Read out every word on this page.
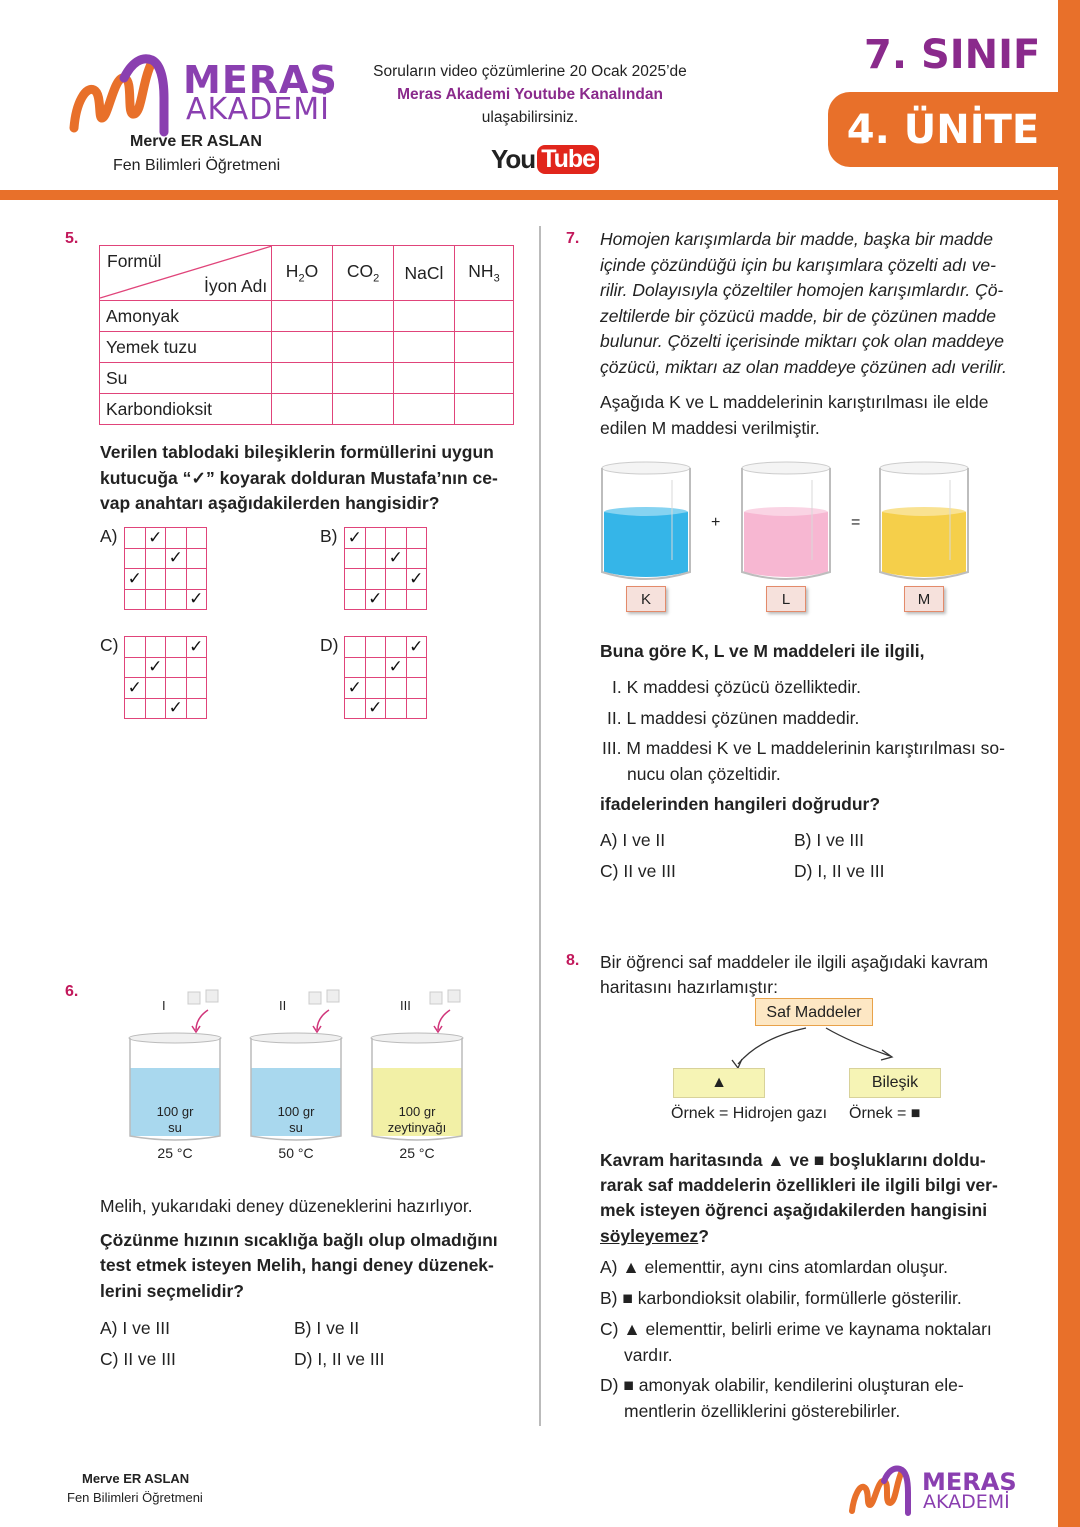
MERAS
AKADEMİ
Merve ER ASLAN
Fen Bilimleri Öğretmeni
Soruların video çözümlerine 20 Ocak 2025’de
Meras Akademi Youtube Kanalından
ulaşabilirsiniz.
You Tube
7. SINIF
4. ÜNİTE
5.
Formül
İyon Adı	$H_2O$	$CO_2$	NaCl	$NH_3$
Amonyak				
Yemek tuzu				
Su				
Karbondioksit				
Verilen tablodaki bileşiklerin formüllerini uygun
kutucuğa “✓” koyarak dolduran Mustafa’nın ce-
vap anahtarı aşağıdakilerden hangisidir?
A)	B)
C)	D)
	✓		
		✓	
✓			
			✓
✓			
		✓	
			✓
	✓		
			✓
	✓		
✓			
		✓	
			✓
		✓	
✓			
	✓		
6.
I
100 gr
su
25 °C
II
100 gr
su
50 °C
III
100 gr
zeytinyağı
25 °C
Melih, yukarıdaki deney düzeneklerini hazırlıyor.
Çözünme hızının sıcaklığa bağlı olup olmadığını
test etmek isteyen Melih, hangi deney düzenek-
lerini seçmelidir?
A) I ve III	B) I ve II
C) II ve III	D) I, II ve III
7. Homojen karışımlarda bir madde, başka bir madde
içinde çözündüğü için bu karışımlara çözelti adı ve-
rilir. Dolayısıyla çözeltiler homojen karışımlardır. Çö-
zeltilerde bir çözücü madde, bir de çözünen madde
bulunur. Çözelti içerisinde miktarı çok olan maddeye
çözücü, miktarı az olan maddeye çözünen adı verilir.
Aşağıda K ve L maddelerinin karıştırılması ile elde
edilen M maddesi verilmiştir.
K	L	M
+	=
Buna göre K, L ve M maddeleri ile ilgili,
I. K maddesi çözücü özelliktedir.
II. L maddesi çözünen maddedir.
III. M maddesi K ve L maddelerinin karıştırılması so-
nucu olan çözeltidir.
ifadelerinden hangileri doğrudur?
A) I ve II	B) I ve III
C) II ve III	D) I, II ve III
8. Bir öğrenci saf maddeler ile ilgili aşağıdaki kavram
haritasını hazırlamıştır:
Saf Maddeler
▲	Bileşik
Örnek = Hidrojen gazı Örnek = ■
Kavram haritasında ▲ ve ■ boşluklarını doldu-
rarak saf maddelerin özellikleri ile ilgili bilgi ver-
mek isteyen öğrenci aşağıdakilerden hangisini
söyleyemez?
A) ▲ elementtir, aynı cins atomlardan oluşur.
B) ■ karbondioksit olabilir, formüllerle gösterilir.
C) ▲ elementtir, belirli erime ve kaynama noktaları
vardır.
D) ■ amonyak olabilir, kendilerini oluşturan ele-
mentlerin özelliklerini gösterebilirler.
Merve ER ASLAN
Fen Bilimleri Öğretmeni
MERAS
AKADEMİ
